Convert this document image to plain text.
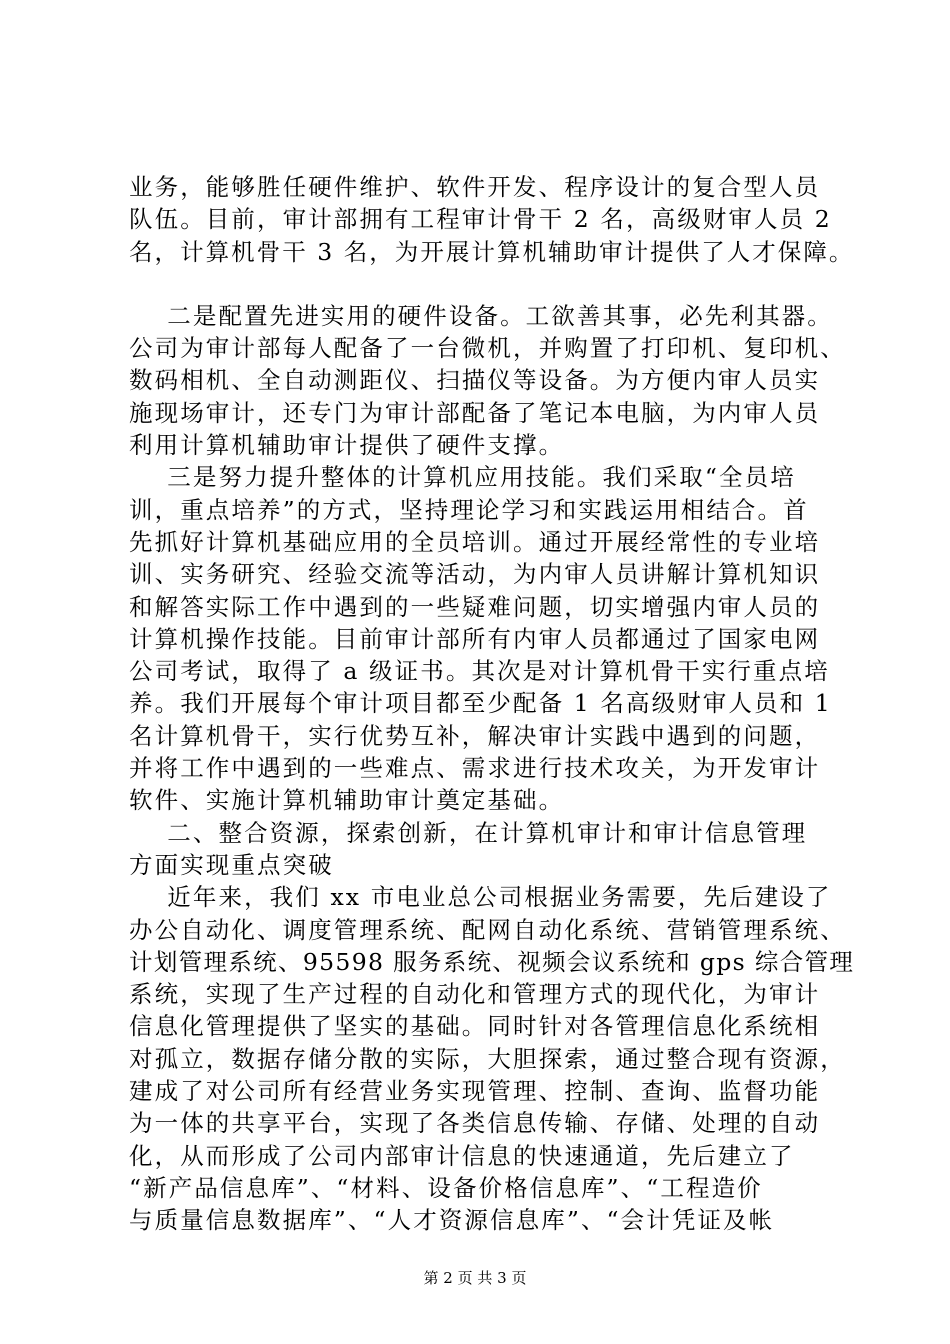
业务，能够胜任硬件维护、软件开发、程序设计的复合型人员
队伍。目前，审计部拥有工程审计骨干 2 名，高级财审人员 2
名，计算机骨干 3 名，为开展计算机辅助审计提供了人才保障。
二是配置先进实用的硬件设备。工欲善其事，必先利其器。
公司为审计部每人配备了一台微机，并购置了打印机、复印机、
数码相机、全自动测距仪、扫描仪等设备。为方便内审人员实
施现场审计，还专门为审计部配备了笔记本电脑，为内审人员
利用计算机辅助审计提供了硬件支撑。
三是努力提升整体的计算机应用技能。我们采取“全员培
训，重点培养”的方式，坚持理论学习和实践运用相结合。首
先抓好计算机基础应用的全员培训。通过开展经常性的专业培
训、实务研究、经验交流等活动，为内审人员讲解计算机知识
和解答实际工作中遇到的一些疑难问题，切实增强内审人员的
计算机操作技能。目前审计部所有内审人员都通过了国家电网
公司考试，取得了 a 级证书。其次是对计算机骨干实行重点培
养。我们开展每个审计项目都至少配备 1 名高级财审人员和 1
名计算机骨干，实行优势互补，解决审计实践中遇到的问题，
并将工作中遇到的一些难点、需求进行技术攻关，为开发审计
软件、实施计算机辅助审计奠定基础。
二、整合资源，探索创新，在计算机审计和审计信息管理
方面实现重点突破
近年来，我们 xx 市电业总公司根据业务需要，先后建设了
办公自动化、调度管理系统、配网自动化系统、营销管理系统、
计划管理系统、95598 服务系统、视频会议系统和 gps 综合管理
系统，实现了生产过程的自动化和管理方式的现代化，为审计
信息化管理提供了坚实的基础。同时针对各管理信息化系统相
对孤立，数据存储分散的实际，大胆探索，通过整合现有资源，
建成了对公司所有经营业务实现管理、控制、查询、监督功能
为一体的共享平台，实现了各类信息传输、存储、处理的自动
化，从而形成了公司内部审计信息的快速通道，先后建立了
“新产品信息库”、“材料、设备价格信息库”、“工程造价
与质量信息数据库”、“人才资源信息库”、“会计凭证及帐
第 2 页 共 3 页
